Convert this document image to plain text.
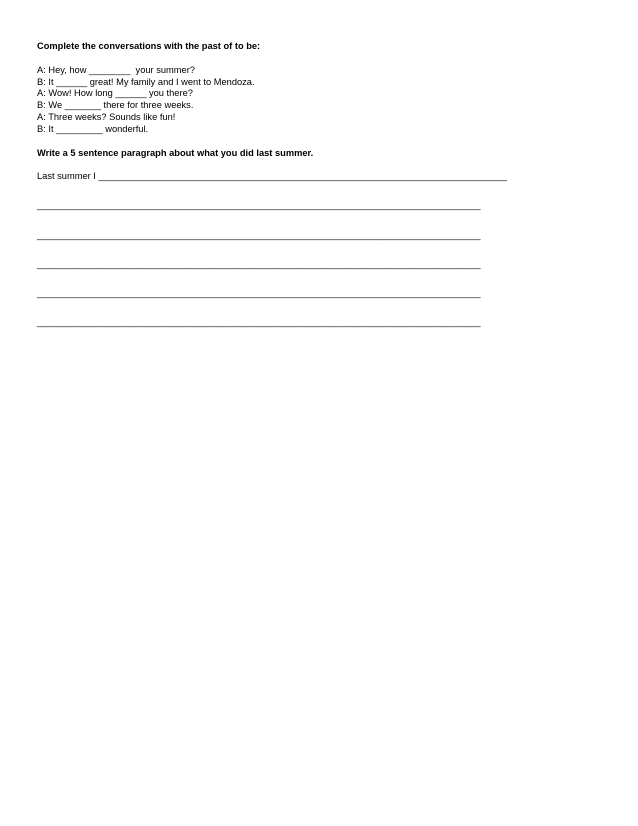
Complete the conversations with the past of to be:
A: Hey, how ________  your summer?
B: It ______ great! My family and I went to Mendoza.
A: Wow! How long ______ you there?
B: We _______ there for three weeks.
A: Three weeks? Sounds like fun!
B: It _________ wonderful.
Write a 5 sentence paragraph about what you did last summer.
Last summer I _______________________________________________________________________________
___________________________________________________________________________________________
___________________________________________________________________________________________
___________________________________________________________________________________________
___________________________________________________________________________________________
___________________________________________________________________________________________
